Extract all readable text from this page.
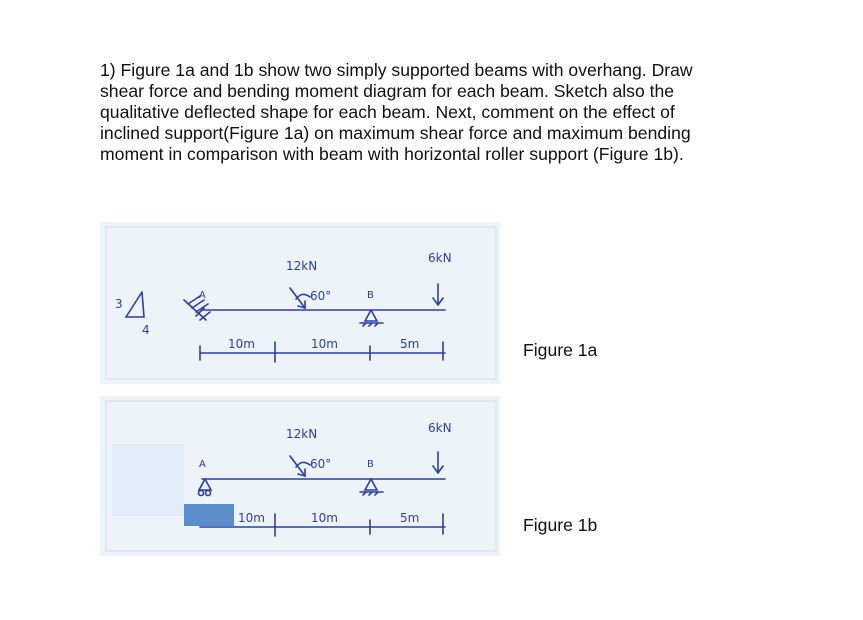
1) Figure 1a and 1b show two simply supported beams with overhang. Draw
shear force and bending moment diagram for each beam. Sketch also the
qualitative deflected shape for each beam. Next, comment on the effect of
inclined support(Figure 1a) on maximum shear force and maximum bending
moment in comparison with beam with horizontal roller support (Figure 1b).
3
4
A
12kN
60°	B
6kN
10m	10m	5m	Figure 1a
A
12kN
60°	B
6kN
10m	10m	5m	Figure 1b
